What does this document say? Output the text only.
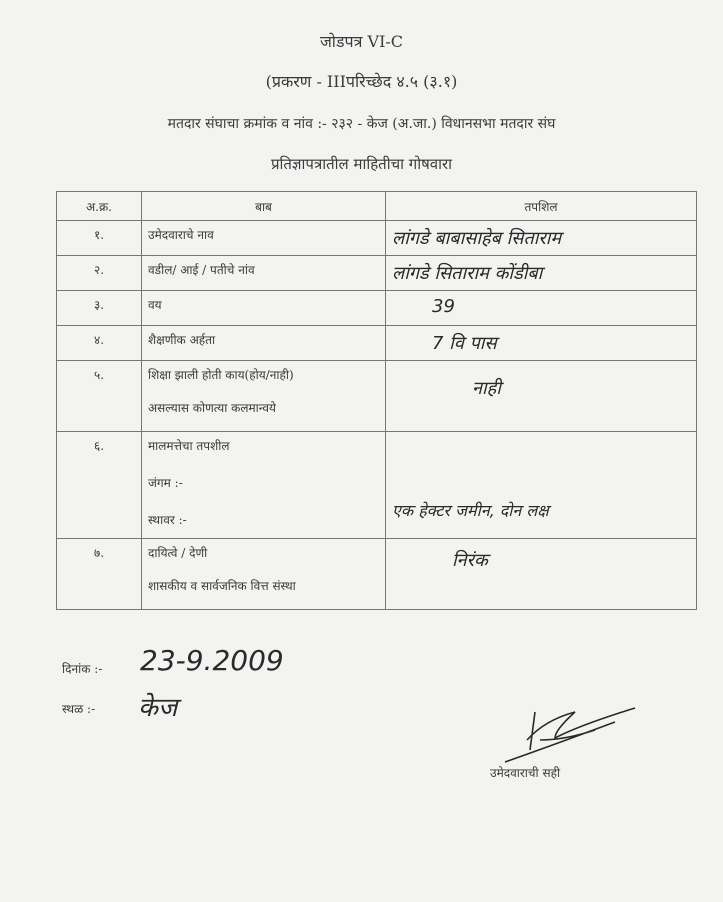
जोडपत्र VI-C
(प्रकरण - IIIपरिच्छेद ४.५ (३.१)
मतदार संघाचा क्रमांक व नांव :- २३२ - केज (अ.जा.) विधानसभा मतदार संघ
प्रतिज्ञापत्रातील माहितीचा गोषवारा
अ.क्र.	बाब	तपशिल
१.	उमेदवाराचे नाव	लांगडे बाबासाहेब सिताराम

२.	वडील/ आई / पतीचे नांव	लांगडे सिताराम कोंडीबा

३.	वय	39

४.	शैक्षणीक अर्हता	7 वि पास

५.	शिक्षा झाली होती काय(होय/नाही)
असल्यास कोणत्या कलमान्वये	नाही

६.	मालमत्तेचा तपशील
जंगम :-
स्थावर :-	एक हेक्टर जमीन, दोन लक्ष

७.	दायित्वे / देणी
शासकीय व सार्वजनिक वित्त संस्था	निरंक
दिनांक :- 23-9.2009
स्थळ :- केज
उमेदवाराची सही
